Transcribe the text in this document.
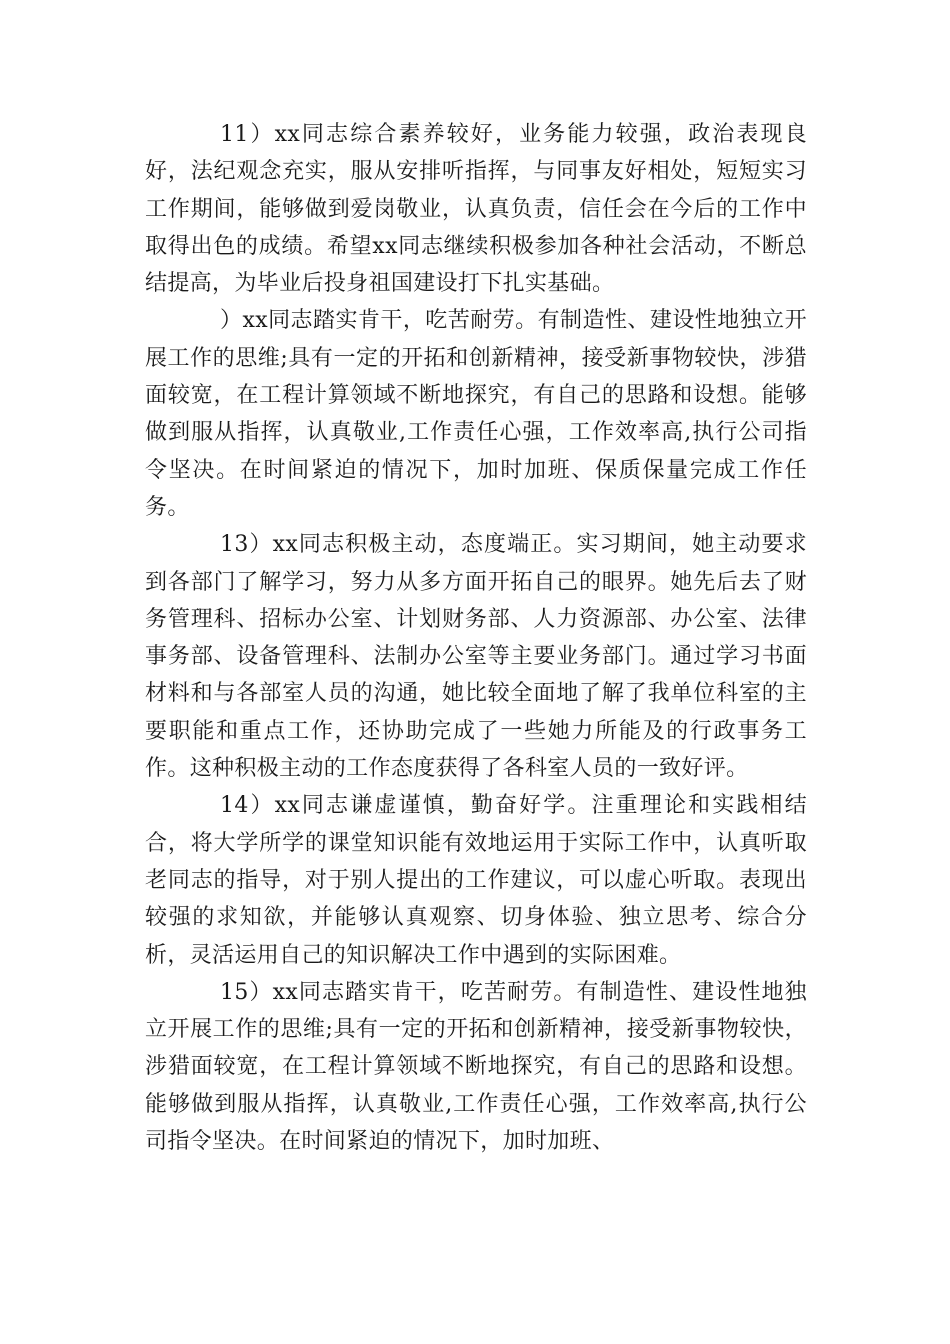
11）xx同志综合素养较好，业务能力较强，政治表现良好，法纪观念充实，服从安排听指挥，与同事友好相处，短短实习工作期间，能够做到爱岗敬业，认真负责，信任会在今后的工作中取得出色的成绩。希望xx同志继续积极参加各种社会活动，不断总结提高，为毕业后投身祖国建设打下扎实基础。

）xx同志踏实肯干，吃苦耐劳。有制造性、建设性地独立开展工作的思维;具有一定的开拓和创新精神，接受新事物较快，涉猎面较宽，在工程计算领域不断地探究，有自己的思路和设想。能够做到服从指挥，认真敬业,工作责任心强，工作效率高,执行公司指令坚决。在时间紧迫的情况下，加时加班、保质保量完成工作任务。

13）xx同志积极主动，态度端正。实习期间，她主动要求到各部门了解学习，努力从多方面开拓自己的眼界。她先后去了财务管理科、招标办公室、计划财务部、人力资源部、办公室、法律事务部、设备管理科、法制办公室等主要业务部门。通过学习书面材料和与各部室人员的沟通，她比较全面地了解了我单位科室的主要职能和重点工作，还协助完成了一些她力所能及的行政事务工作。这种积极主动的工作态度获得了各科室人员的一致好评。

14）xx同志谦虚谨慎，勤奋好学。注重理论和实践相结合，将大学所学的课堂知识能有效地运用于实际工作中，认真听取老同志的指导，对于别人提出的工作建议，可以虚心听取。表现出较强的求知欲，并能够认真观察、切身体验、独立思考、综合分析，灵活运用自己的知识解决工作中遇到的实际困难。

15）xx同志踏实肯干，吃苦耐劳。有制造性、建设性地独立开展工作的思维;具有一定的开拓和创新精神，接受新事物较快，涉猎面较宽，在工程计算领域不断地探究，有自己的思路和设想。能够做到服从指挥，认真敬业,工作责任心强，工作效率高,执行公司指令坚决。在时间紧迫的情况下，加时加班、
